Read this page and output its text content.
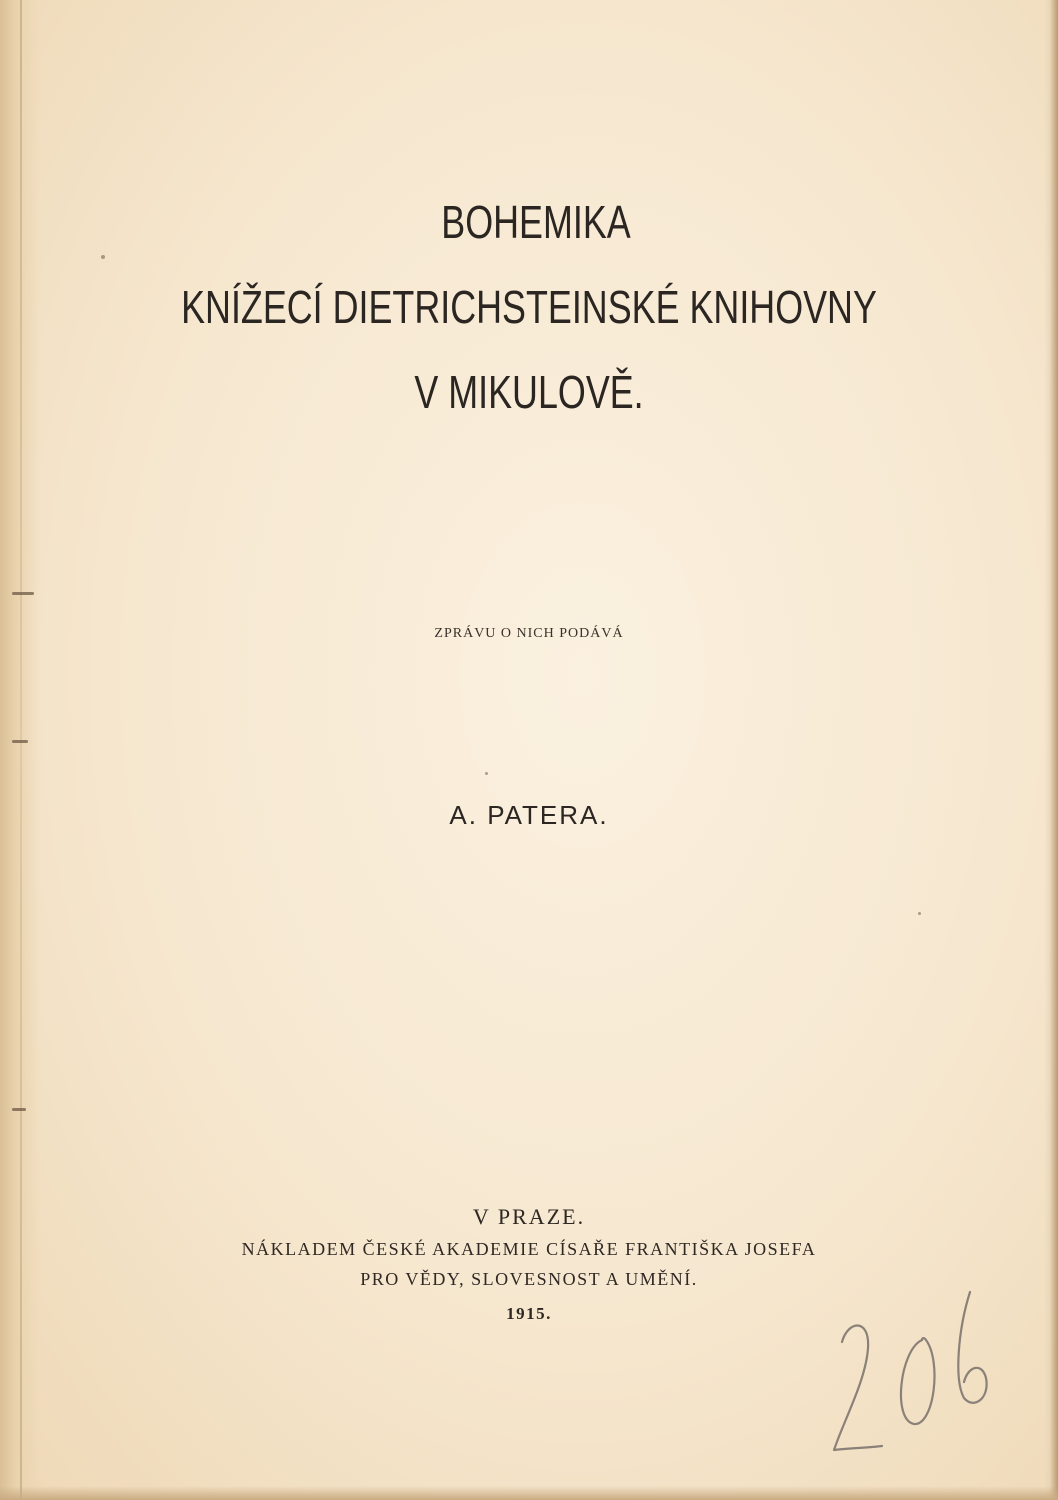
BOHEMIKA
KNÍŽECÍ DIETRICHSTEINSKÉ KNIHOVNY
V MIKULOVĚ.
ZPRÁVU O NICH PODÁVÁ
A. PATERA.
V PRAZE.
NÁKLADEM ČESKÉ AKADEMIE CÍSAŘE FRANTIŠKA JOSEFA
PRO VĚDY, SLOVESNOST A UMĚNÍ.
1915.
